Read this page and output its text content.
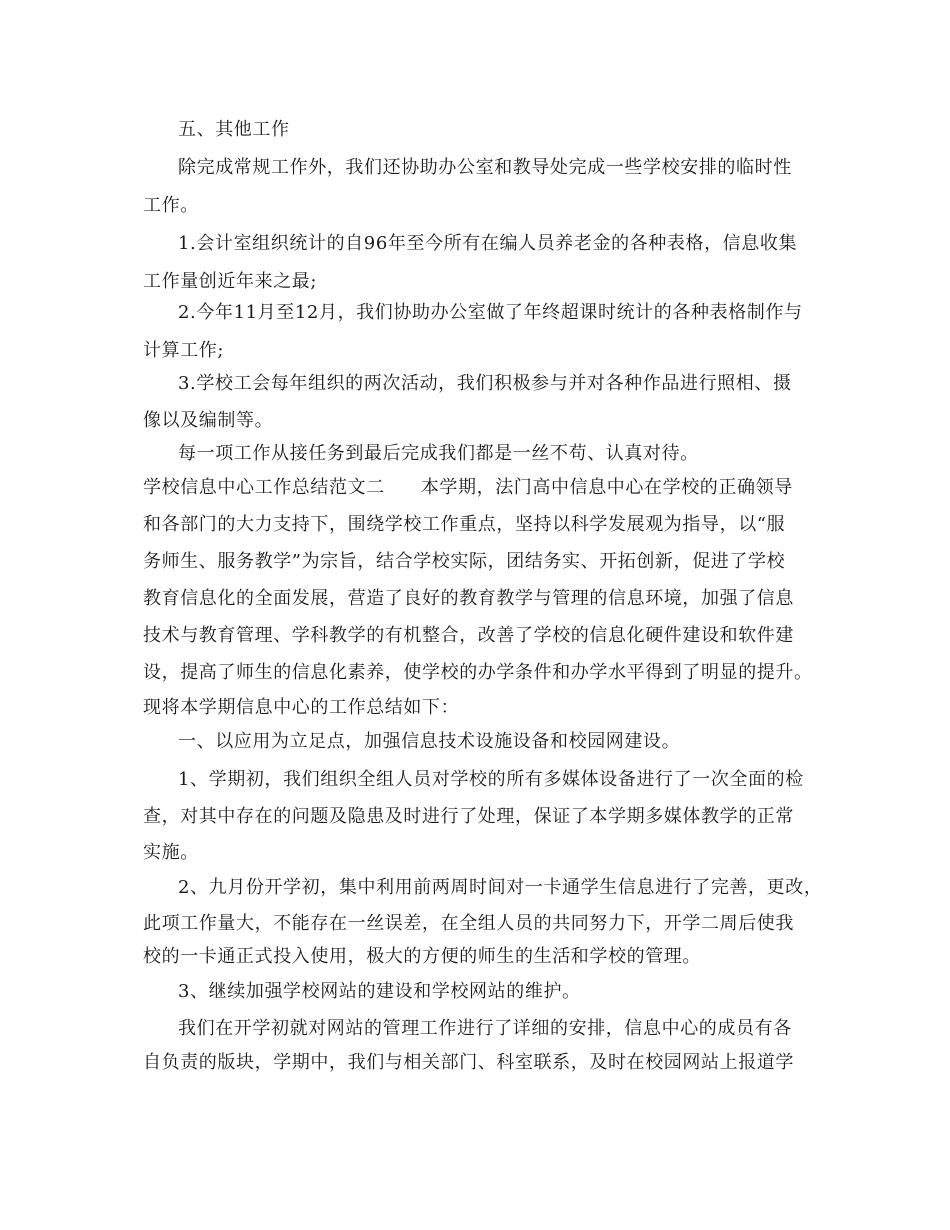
五、其他工作
除完成常规工作外，我们还协助办公室和教导处完成一些学校安排的临时性
工作。
1.会计室组织统计的自96年至今所有在编人员养老金的各种表格，信息收集
工作量创近年来之最;
2.今年11月至12月，我们协助办公室做了年终超课时统计的各种表格制作与
计算工作;
3.学校工会每年组织的两次活动，我们积极参与并对各种作品进行照相、摄
像以及编制等。
每一项工作从接任务到最后完成我们都是一丝不苟、认真对待。
学校信息中心工作总结范文二 本学期，法门高中信息中心在学校的正确领导
和各部门的大力支持下，围绕学校工作重点，坚持以科学发展观为指导，以“服
务师生、服务教学”为宗旨，结合学校实际，团结务实、开拓创新，促进了学校
教育信息化的全面发展，营造了良好的教育教学与管理的信息环境，加强了信息
技术与教育管理、学科教学的有机整合，改善了学校的信息化硬件建设和软件建
设，提高了师生的信息化素养，使学校的办学条件和办学水平得到了明显的提升。
现将本学期信息中心的工作总结如下：
一、以应用为立足点，加强信息技术设施设备和校园网建设。
1、学期初，我们组织全组人员对学校的所有多媒体设备进行了一次全面的检
查，对其中存在的问题及隐患及时进行了处理，保证了本学期多媒体教学的正常
实施。
2、九月份开学初，集中利用前两周时间对一卡通学生信息进行了完善，更改，
此项工作量大，不能存在一丝误差，在全组人员的共同努力下，开学二周后使我
校的一卡通正式投入使用，极大的方便的师生的生活和学校的管理。
3、继续加强学校网站的建设和学校网站的维护。
我们在开学初就对网站的管理工作进行了详细的安排，信息中心的成员有各
自负责的版块，学期中，我们与相关部门、科室联系，及时在校园网站上报道学
